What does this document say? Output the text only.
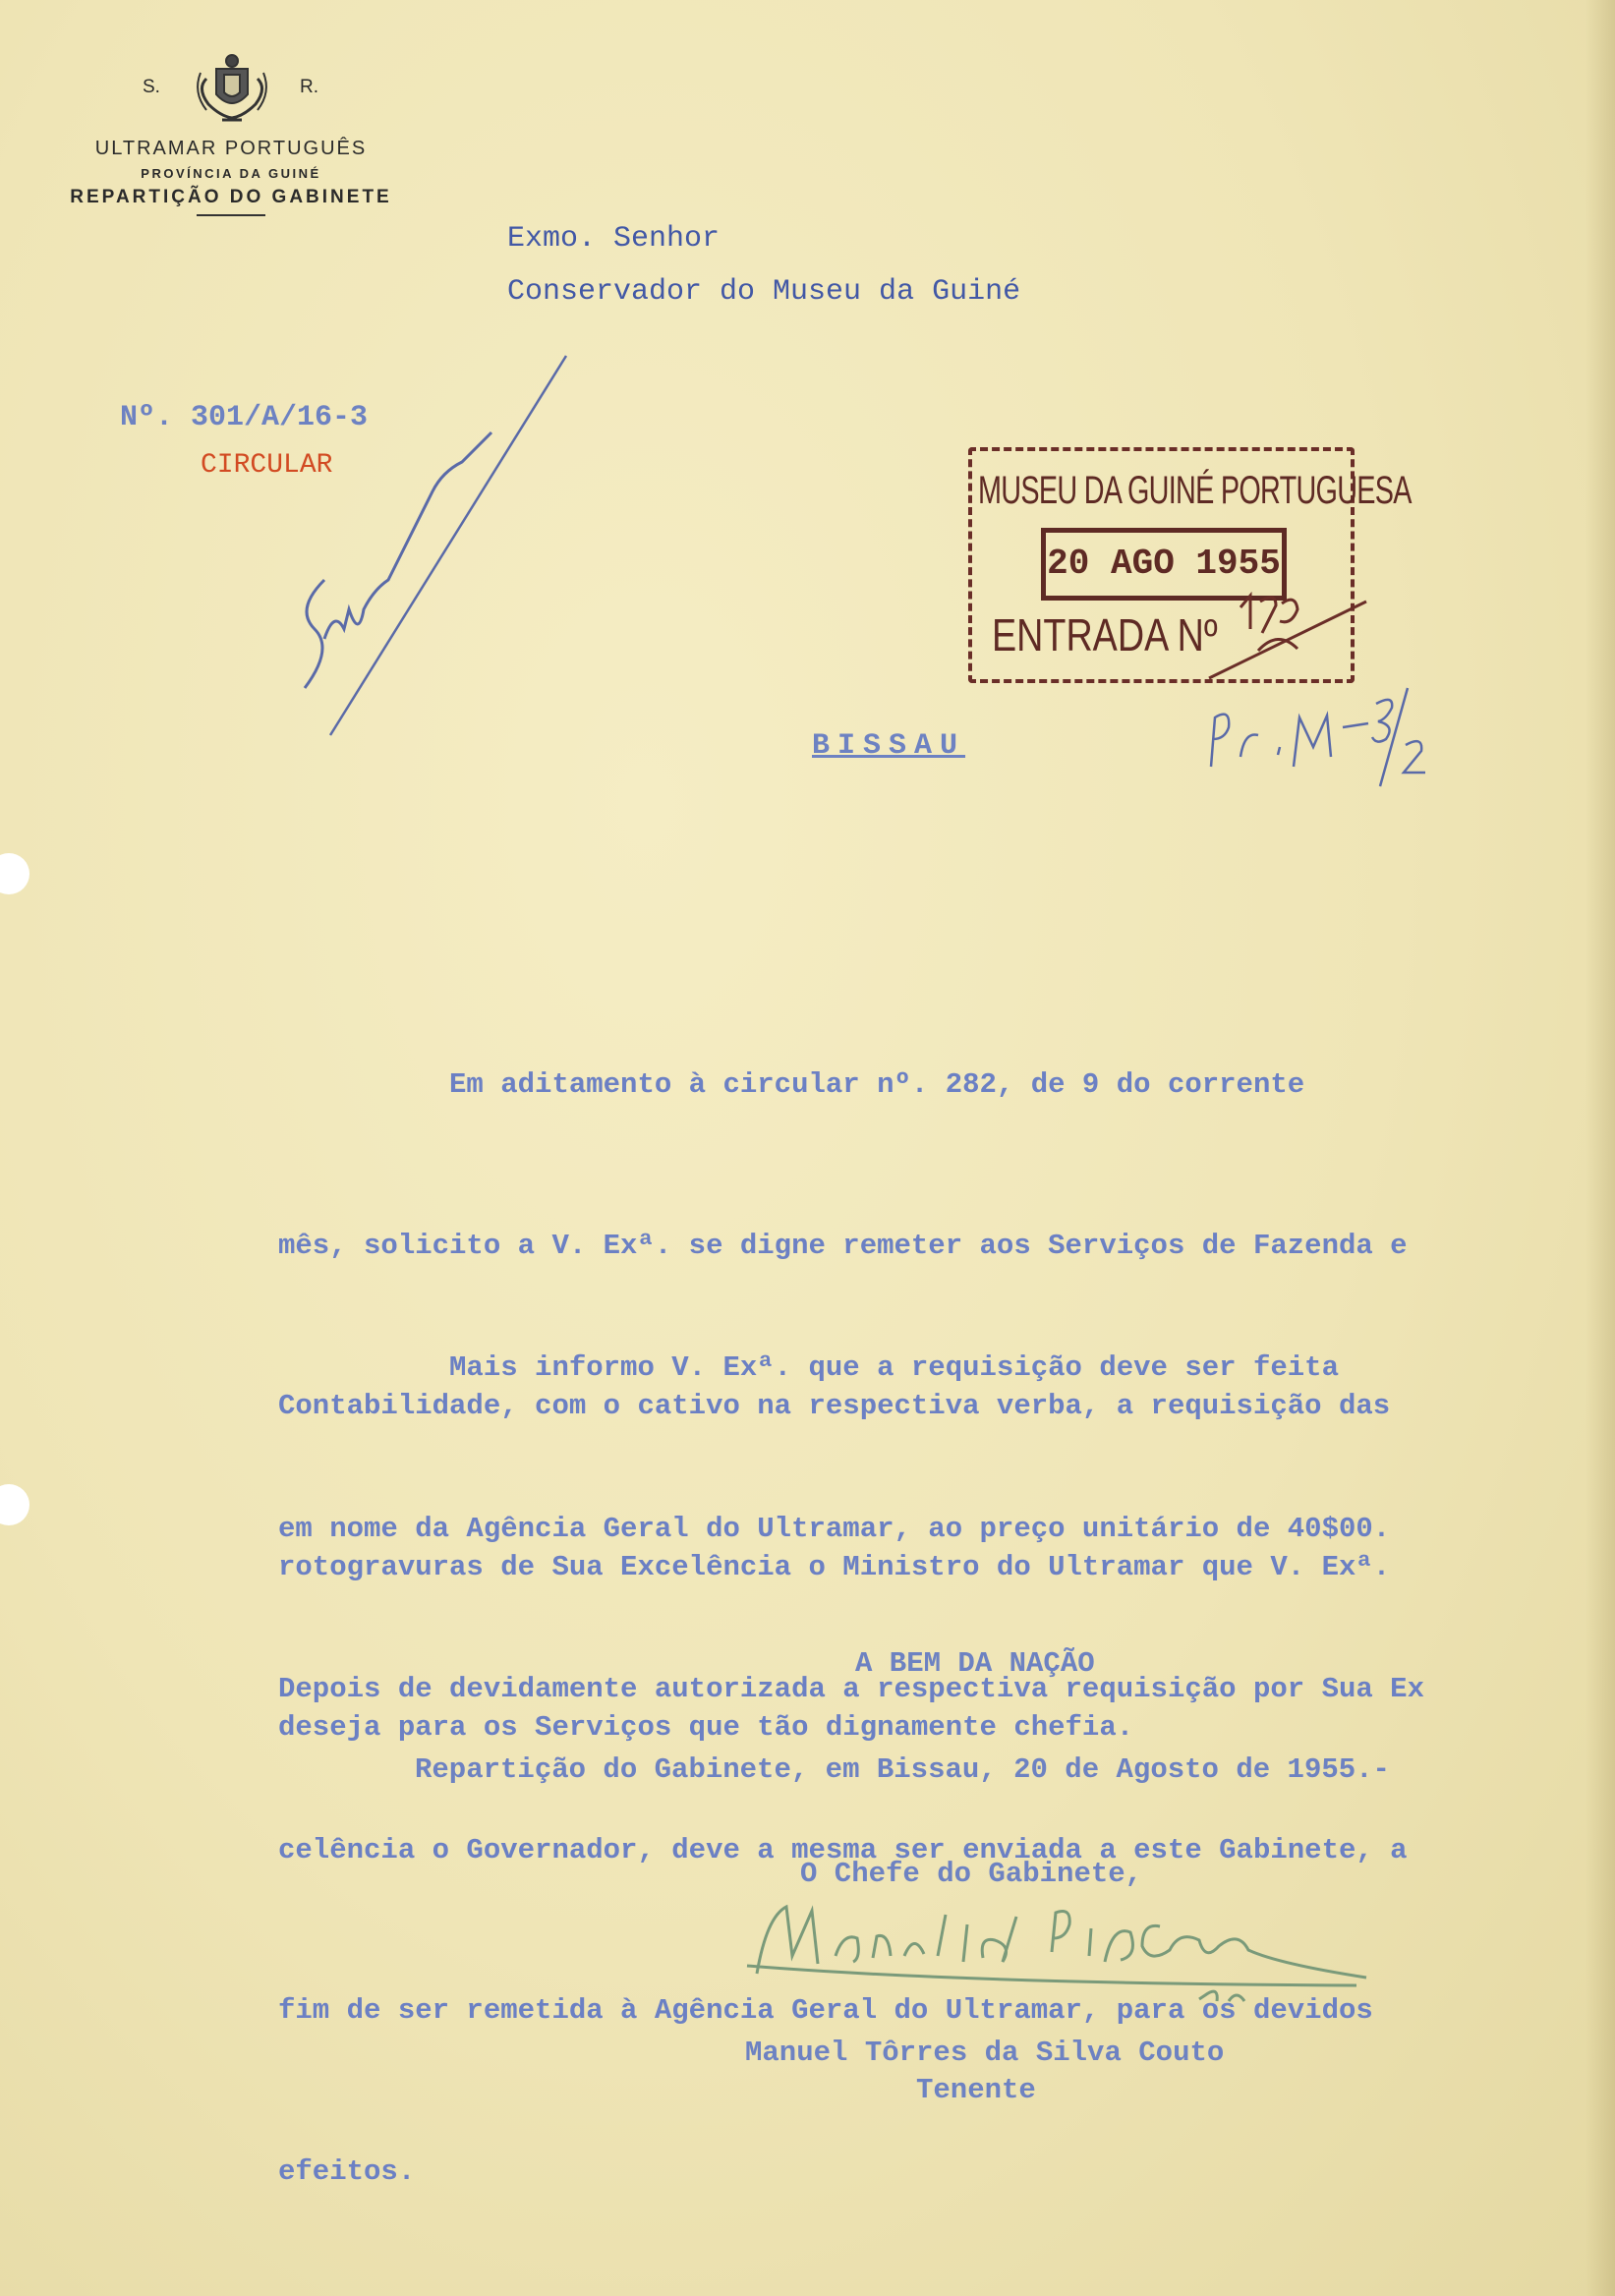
S.	R.
ULTRAMAR PORTUGUÊS
PROVÍNCIA DA GUINÉ
REPARTIÇÃO DO GABINETE
Exmo. Senhor
Conservador do Museu da Guiné
Nº. 301/A/16-3
CIRCULAR
MUSEU DA GUINÉ PORTUGUESA
20 AGO 1955
ENTRADA Nº
BISSAU

Em aditamento à circular nº. 282, de 9 do corrente

mês, solicito a V. Exª. se digne remeter aos Serviços de Fazenda e

Contabilidade, com o cativo na respectiva verba, a requisição das

rotogravuras de Sua Excelência o Ministro do Ultramar que V. Exª.

deseja para os Serviços que tão dignamente chefia.

Mais informo V. Exª. que a requisição deve ser feita

em nome da Agência Geral do Ultramar, ao preço unitário de 40$00.

Depois de devidamente autorizada a respectiva requisição por Sua Ex

celência o Governador, deve a mesma ser enviada a este Gabinete, a

fim de ser remetida à Agência Geral do Ultramar, para os devidos

efeitos.

A BEM DA NAÇÃO
Repartição do Gabinete, em Bissau, 20 de Agosto de 1955.-
O Chefe do Gabinete,
Manuel Tôrres da Silva Couto
Tenente
